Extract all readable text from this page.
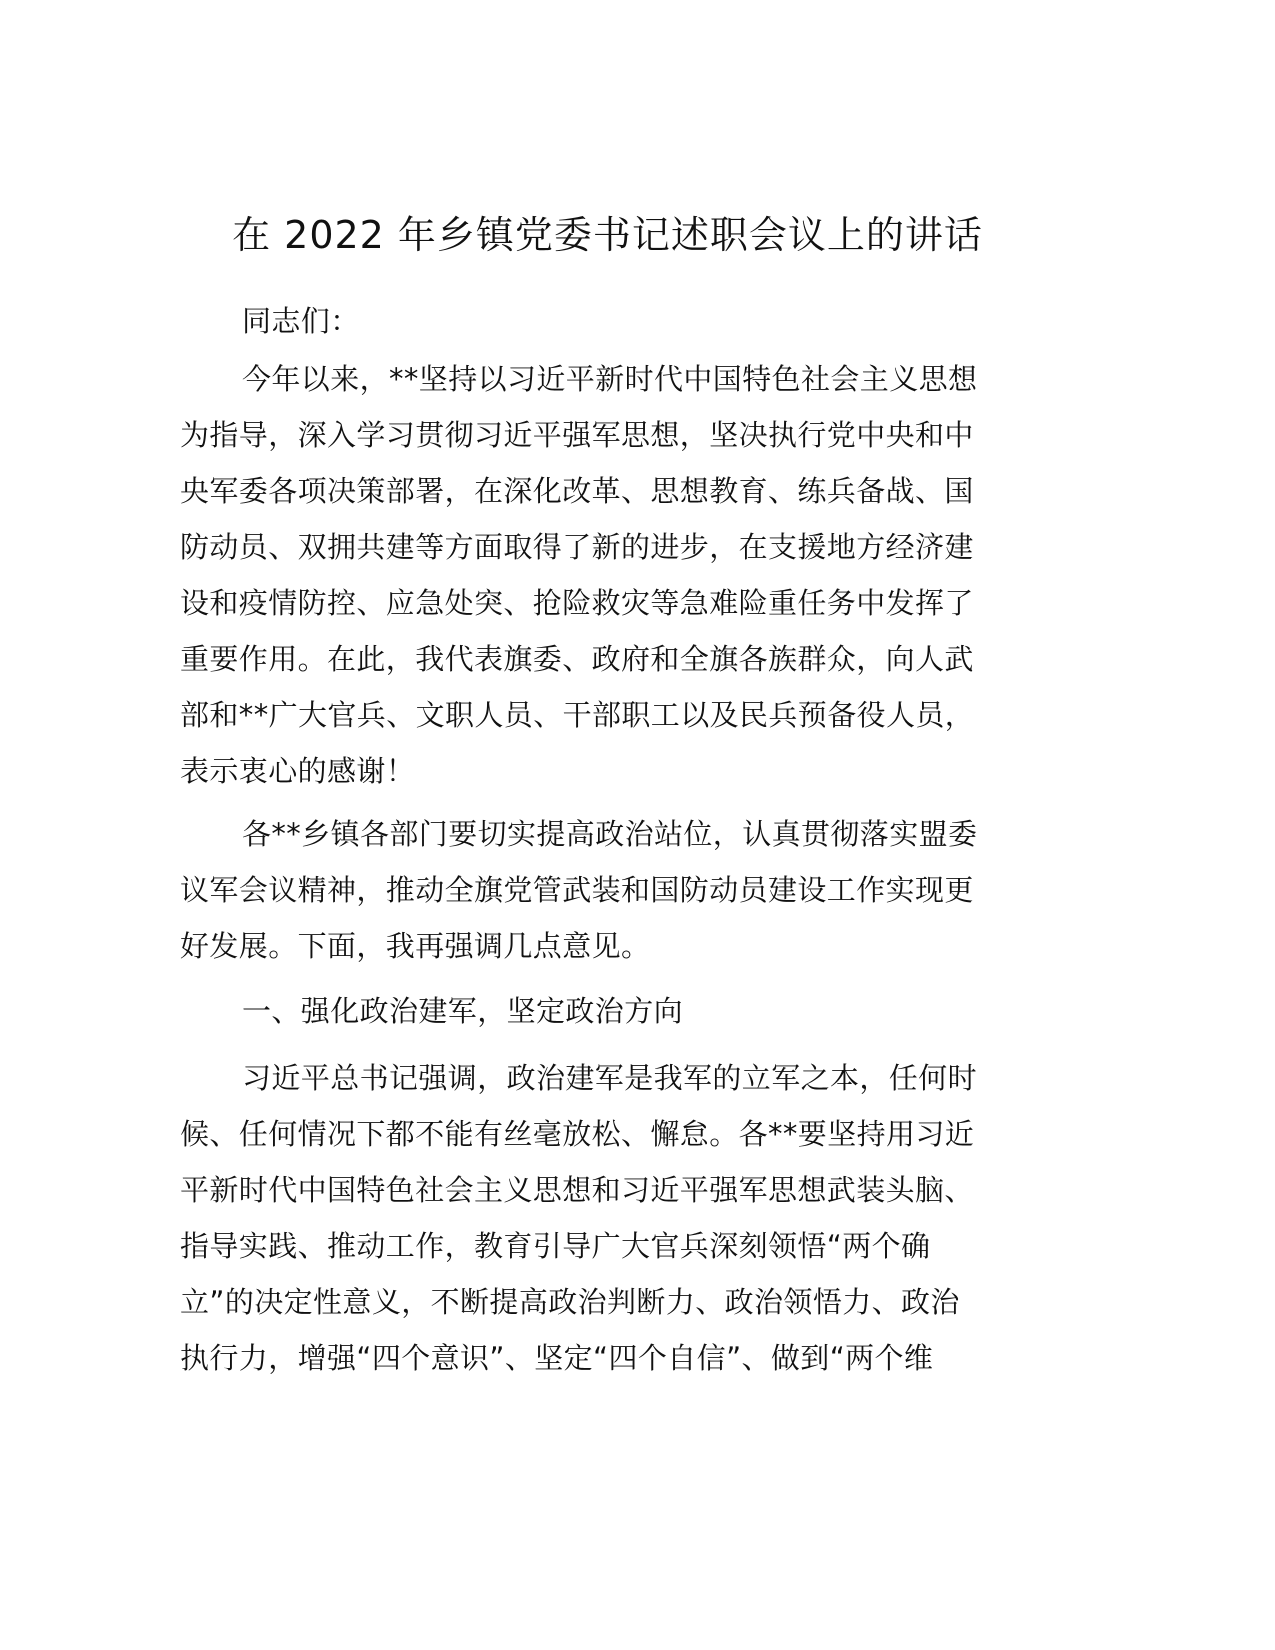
在 2022 年乡镇党委书记述职会议上的讲话
同志们：
今年以来，**坚持以习近平新时代中国特色社会主义思想
为指导，深入学习贯彻习近平强军思想，坚决执行党中央和中
央军委各项决策部署，在深化改革、思想教育、练兵备战、国
防动员、双拥共建等方面取得了新的进步，在支援地方经济建
设和疫情防控、应急处突、抢险救灾等急难险重任务中发挥了
重要作用。在此，我代表旗委、政府和全旗各族群众，向人武
部和**广大官兵、文职人员、干部职工以及民兵预备役人员，
表示衷心的感谢！
各**乡镇各部门要切实提高政治站位，认真贯彻落实盟委
议军会议精神，推动全旗党管武装和国防动员建设工作实现更
好发展。下面，我再强调几点意见。
一、强化政治建军，坚定政治方向
习近平总书记强调，政治建军是我军的立军之本，任何时
候、任何情况下都不能有丝毫放松、懈怠。各**要坚持用习近
平新时代中国特色社会主义思想和习近平强军思想武装头脑、
指导实践、推动工作，教育引导广大官兵深刻领悟“两个确
立”的决定性意义，不断提高政治判断力、政治领悟力、政治
执行力，增强“四个意识”、坚定“四个自信”、做到“两个维
